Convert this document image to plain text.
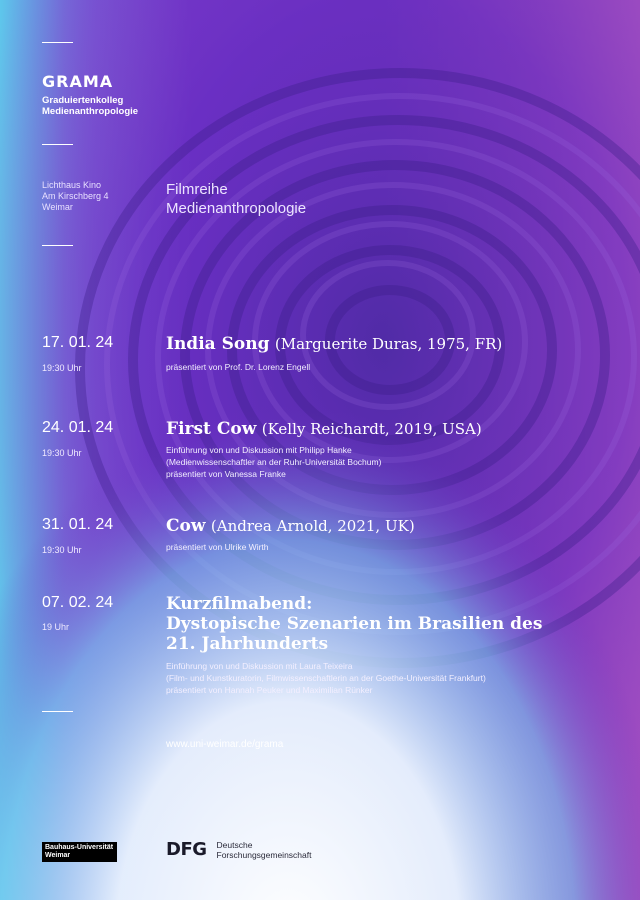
GRAMA
Graduiertenkolleg
Medienanthropologie
Lichthaus Kino
Am Kirschberg 4
Weimar
Filmreihe
Medienanthropologie
17. 01. 24
19:30 Uhr

India Song (Marguerite Duras, 1975, FR)

präsentiert von Prof. Dr. Lorenz Engell
24. 01. 24
19:30 Uhr

First Cow (Kelly Reichardt, 2019, USA)

Einführung von und Diskussion mit Philipp Hanke
(Medienwissenschaftler an der Ruhr-Universität Bochum)
präsentiert von Vanessa Franke
31. 01. 24
19:30 Uhr

Cow (Andrea Arnold, 2021, UK)

präsentiert von Ulrike Wirth
07. 02. 24
19 Uhr
Kurzfilmabend:
Dystopische Szenarien im Brasilien des
21. Jahrhunderts
Einführung von und Diskussion mit Laura Teixeira
(Film- und Kunstkuratorin, Filmwissenschaftlerin an der Goethe-Universität Frankfurt)
präsentiert von Hannah Peuker und Maximilian Rünker
www.uni-weimar.de/grama
Bauhaus-Universität
Weimar	DFG Deutsche
Forschungsgemeinschaft
